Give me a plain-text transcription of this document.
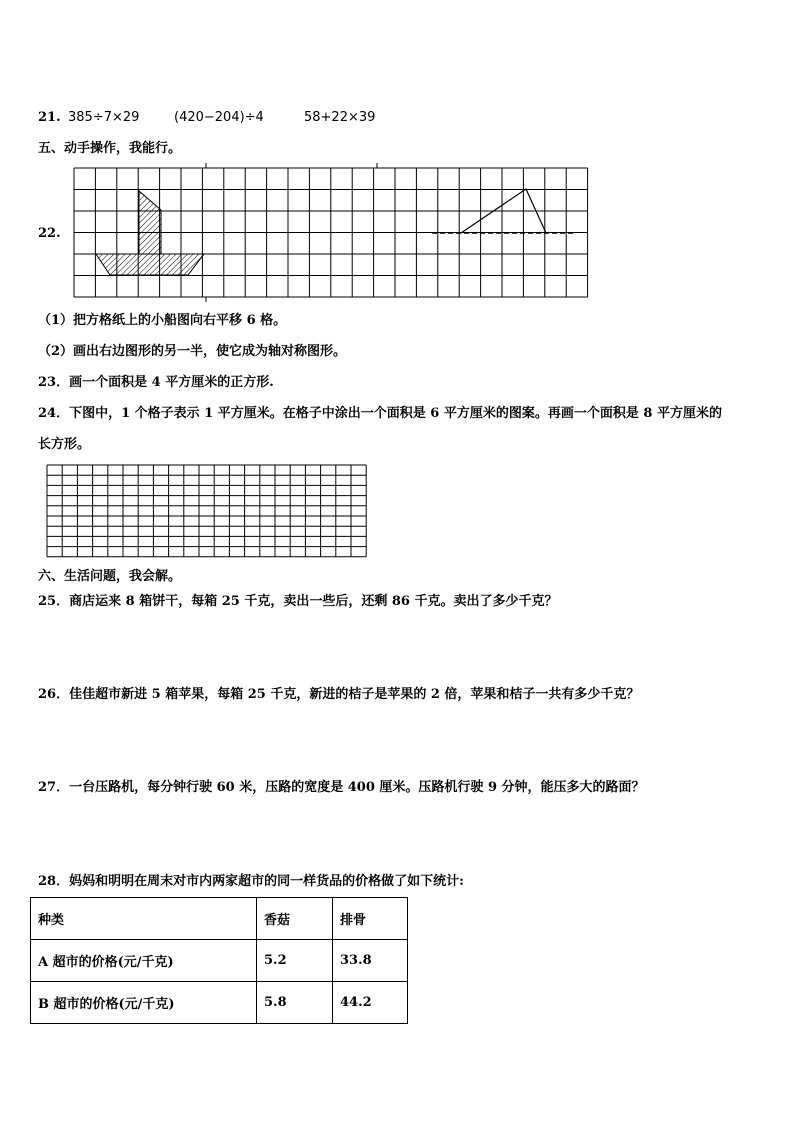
21. 385÷7×29	(420−204)÷4	58+22×39
五、动手操作，我能行。
22.
（1）把方格纸上的小船图向右平移 6 格。
（2）画出右边图形的另一半，使它成为轴对称图形。
23．画一个面积是 4 平方厘米的正方形.
24．下图中，1 个格子表示 1 平方厘米。在格子中涂出一个面积是 6 平方厘米的图案。再画一个面积是 8 平方厘米的
长方形。
六、生活问题，我会解。
25．商店运来 8 箱饼干，每箱 25 千克，卖出一些后，还剩 86 千克。卖出了多少千克？
26．佳佳超市新进 5 箱苹果，每箱 25 千克，新进的桔子是苹果的 2 倍，苹果和桔子一共有多少千克？
27．一台压路机，每分钟行驶 60 米，压路的宽度是 400 厘米。压路机行驶 9 分钟，能压多大的路面？
28．妈妈和明明在周末对市内两家超市的同一样货品的价格做了如下统计:
种类	香菇	排骨
A 超市的价格(元/千克)	5.2	33.8
B 超市的价格(元/千克)	5.8	44.2
